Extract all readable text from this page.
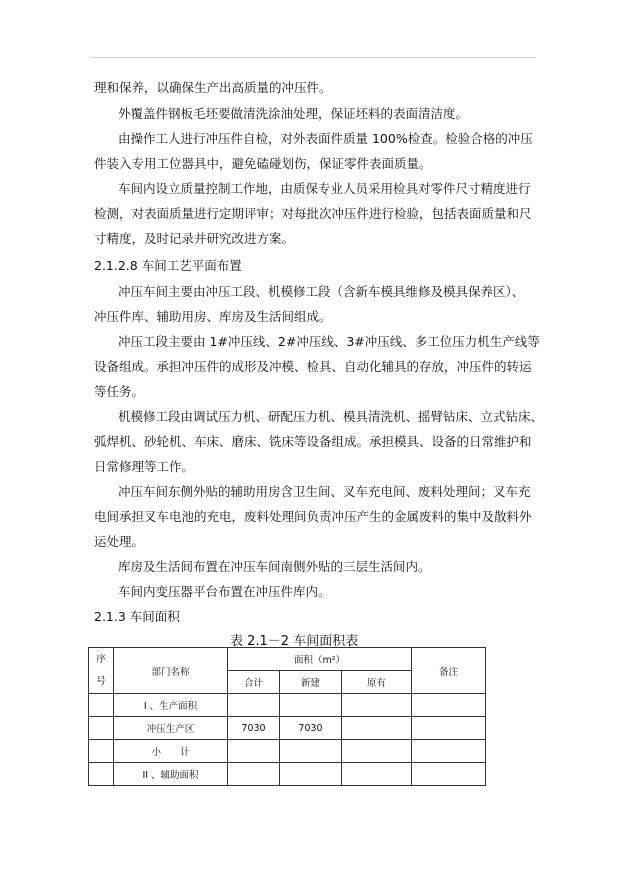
理和保养，以确保生产出高质量的冲压件。
外覆盖件钢板毛坯要做清洗涂油处理，保证坯料的表面清洁度。
由操作工人进行冲压件自检，对外表面件质量 100%检查。检验合格的冲压
件装入专用工位器具中，避免磕碰划伤，保证零件表面质量。
车间内设立质量控制工作地，由质保专业人员采用检具对零件尺寸精度进行
检测，对表面质量进行定期评审；对每批次冲压件进行检验，包括表面质量和尺
寸精度，及时记录并研究改进方案。
2.1.2.8 车间工艺平面布置
冲压车间主要由冲压工段、机模修工段（含新车模具维修及模具保养区）、
冲压件库、辅助用房、库房及生活间组成。
冲压工段主要由 1#冲压线、2#冲压线、3#冲压线、多工位压力机生产线等
设备组成。承担冲压件的成形及冲模、检具、自动化辅具的存放，冲压件的转运
等任务。
机模修工段由调试压力机、研配压力机、模具清洗机、摇臂钻床、立式钻床、
弧焊机、砂轮机、车床、磨床、铣床等设备组成。承担模具、设备的日常维护和
日常修理等工作。
冲压车间东侧外贴的辅助用房含卫生间、叉车充电间、废料处理间；叉车充
电间承担叉车电池的充电，废料处理间负责冲压产生的金属废料的集中及散料外
运处理。
库房及生活间布置在冲压车间南侧外贴的三层生活间内。
车间内变压器平台布置在冲压件库内。
2.1.3 车间面积
表 2.1－2 车间面积表
序
号	部门名称	面积（m²）			备注
		合计	新建	原有	
	I 、生产面积				
	冲压生产区	7030	7030		
	小　　计				
	II 、辅助面积				
